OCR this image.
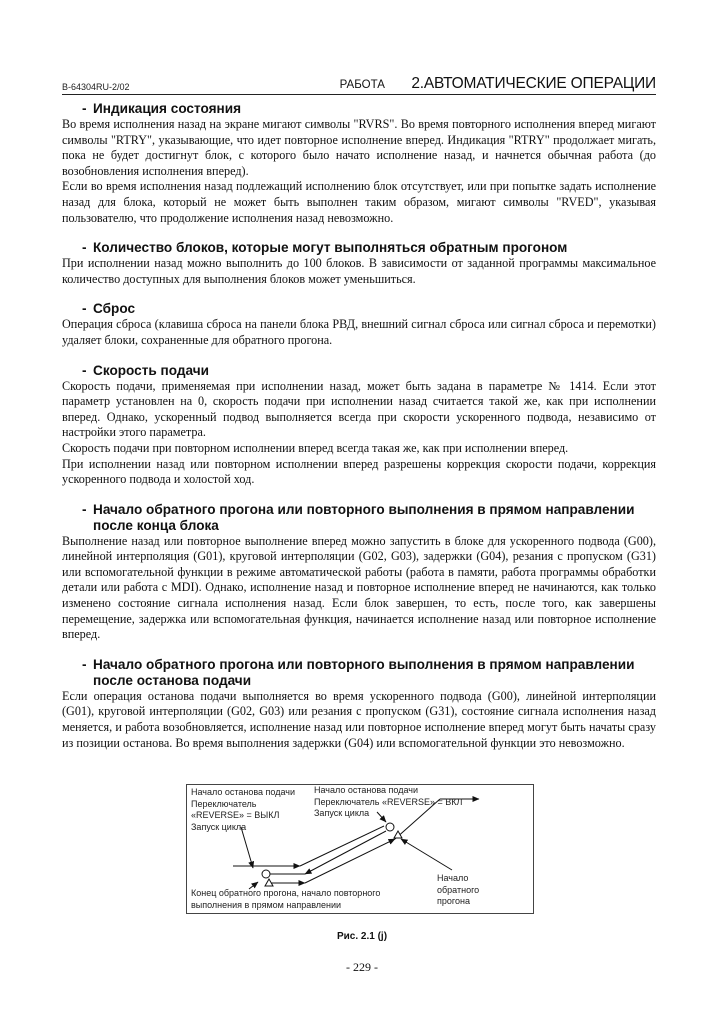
B-64304RU-2/02	РАБОТА 2.АВТОМАТИЧЕСКИЕ ОПЕРАЦИИ
- Индикация состояния

Во время исполнения назад на экране мигают символы "RVRS". Во время повторного исполнения вперед мигают символы "RTRY", указывающие, что идет повторное исполнение вперед. Индикация "RTRY" продолжает мигать, пока не будет достигнут блок, с которого было начато исполнение назад, и начнется обычная работа (до возобновления исполнения вперед).

Если во время исполнения назад подлежащий исполнению блок отсутствует, или при попытке задать исполнение назад для блока, который не может быть выполнен таким образом, мигают символы "RVED", указывая пользователю, что продолжение исполнения назад невозможно.

- Количество блоков, которые могут выполняться обратным прогоном

При исполнении назад можно выполнить до 100 блоков. В зависимости от заданной программы максимальное количество доступных для выполнения блоков может уменьшиться.

- Сброс

Операция сброса (клавиша сброса на панели блока РВД, внешний сигнал сброса или сигнал сброса и перемотки) удаляет блоки, сохраненные для обратного прогона.

- Скорость подачи

Скорость подачи, применяемая при исполнении назад, может быть задана в параметре № 1414. Если этот параметр установлен на 0, скорость подачи при исполнении назад считается такой же, как при исполнении вперед. Однако, ускоренный подвод выполняется всегда при скорости ускоренного подвода, независимо от настройки этого параметра.

Скорость подачи при повторном исполнении вперед всегда такая же, как при исполнении вперед.

При исполнении назад или повторном исполнении вперед разрешены коррекция скорости подачи, коррекция ускоренного подвода и холостой ход.

- Начало обратного прогона или повторного выполнения в прямом направлении после конца блока

Выполнение назад или повторное выполнение вперед можно запустить в блоке для ускоренного подвода (G00), линейной интерполяция (G01), круговой интерполяции (G02, G03), задержки (G04), резания с пропуском (G31) или вспомогательной функции в режиме автоматической работы (работа в памяти, работа программы обработки детали или работа с MDI). Однако, исполнение назад и повторное исполнение вперед не начинаются, как только изменено состояние сигнала исполнения назад. Если блок завершен, то есть, после того, как завершены перемещение, задержка или вспомогательная функция, начинается исполнение назад или повторное исполнение вперед.

- Начало обратного прогона или повторного выполнения в прямом направлении после останова подачи

Если операция останова подачи выполняется во время ускоренного подвода (G00), линейной интерполяции (G01), круговой интерполяции (G02, G03) или резания с пропуском (G31), состояние сигнала исполнения назад меняется, и работа возобновляется, исполнение назад или повторное исполнение вперед могут быть начаты сразу из позиции останова. Во время выполнения задержки (G04) или вспомогательной функции это невозможно.

Начало останова подачи
Переключатель
«REVERSE» = ВЫКЛ
Запуск цикла
Начало останова подачи
Переключатель «REVERSE» = ВКЛ
Запуск цикла
Конец обратного прогона, начало повторного
выполнения в прямом направлении
Начало
обратного
прогона
Рис. 2.1 (j)
- 229 -
